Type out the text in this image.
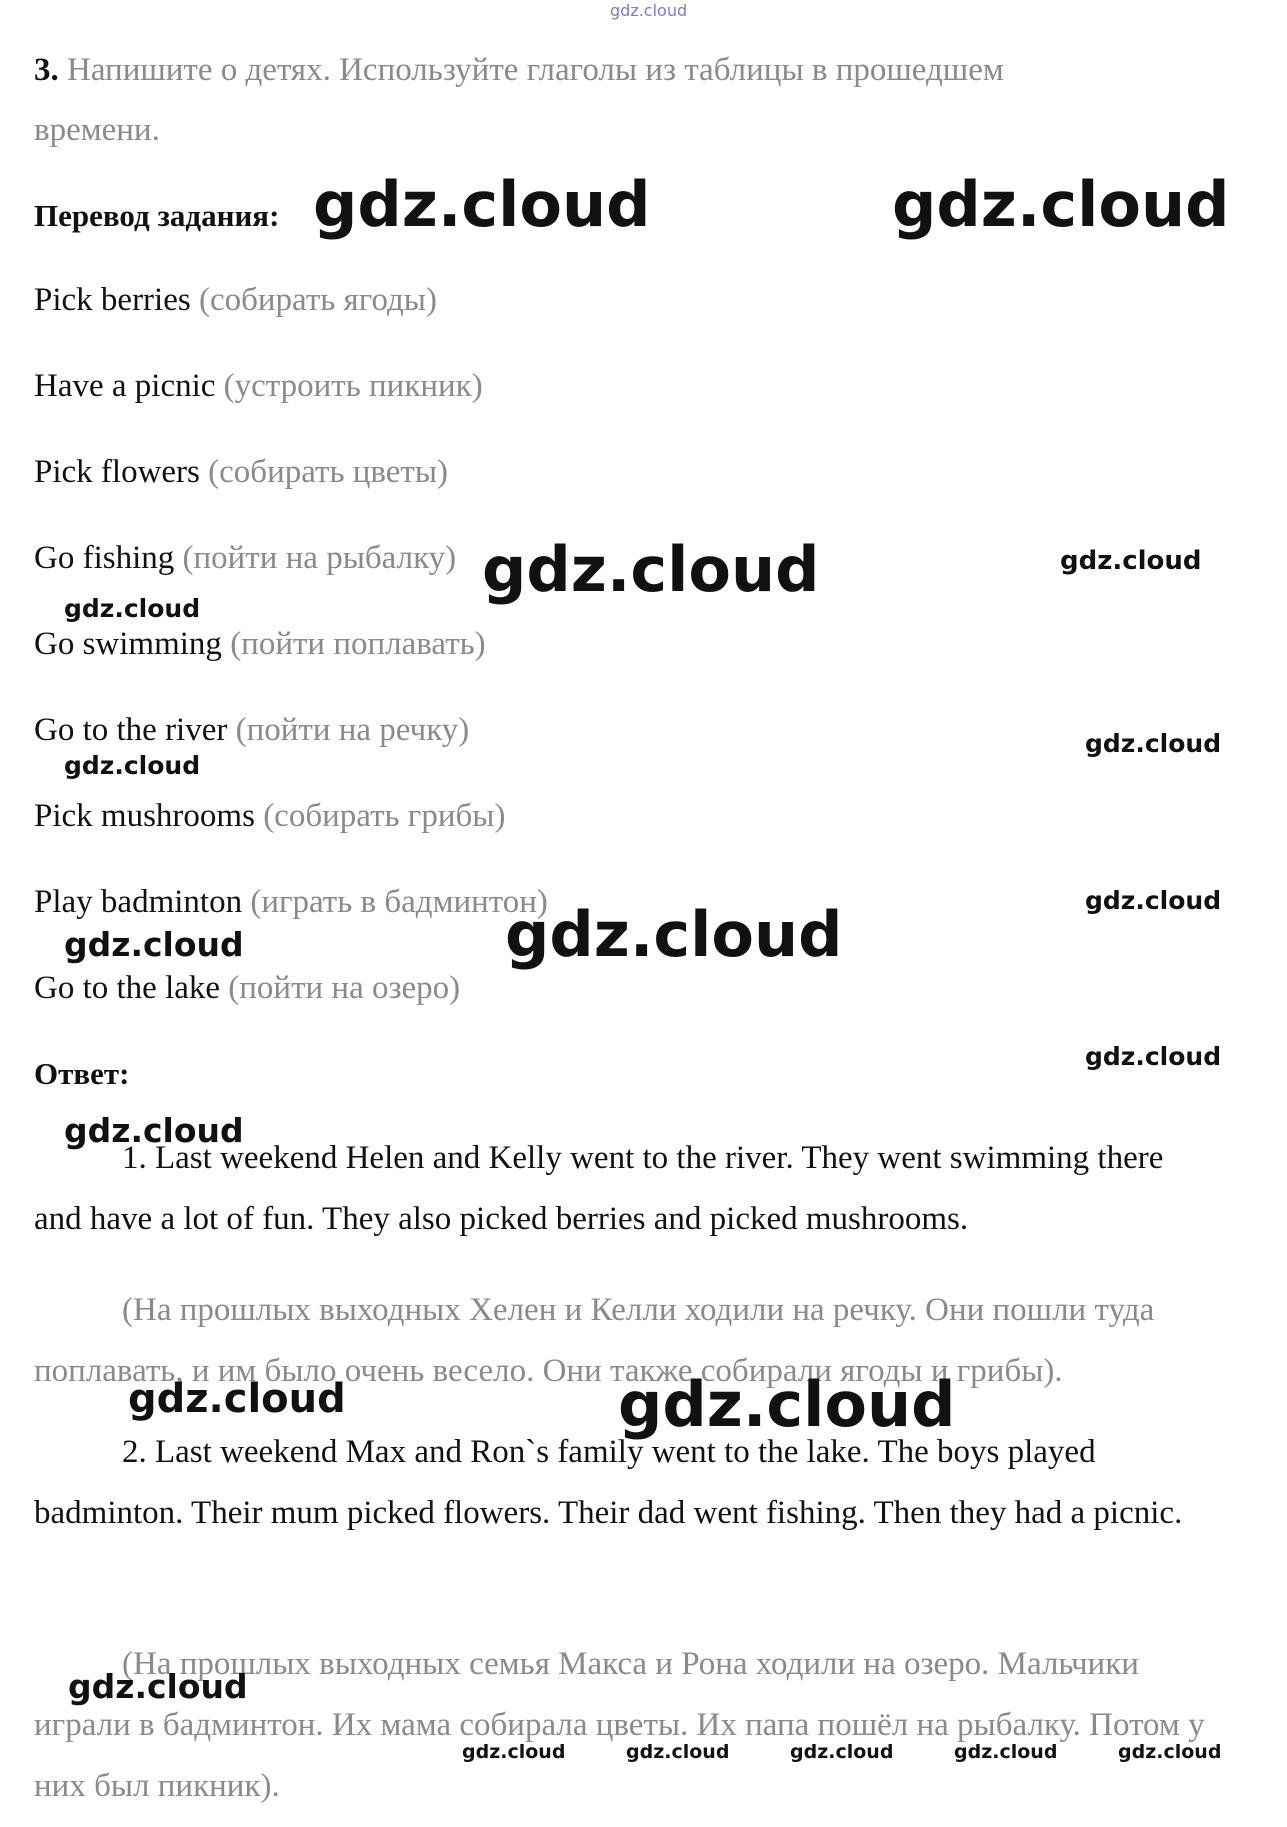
gdz.cloud
3. Напишите о детях. Используйте глаголы из таблицы в прошедшем
времени.
Перевод задания:
Pick berries (собирать ягоды)
Have a picnic (устроить пикник)
Pick flowers (собирать цветы)
Go fishing (пойти на рыбалку)
Go swimming (пойти поплавать)
Go to the river (пойти на речку)
Pick mushrooms (собирать грибы)
Play badminton (играть в бадминтон)
Go to the lake (пойти на озеро)
Ответ:

1. Last weekend Helen and Kelly went to the river. They went swimming there and have a lot of fun. They also picked berries and picked mushrooms.

(На прошлых выходных Хелен и Келли ходили на речку. Они пошли туда поплавать, и им было очень весело. Они также собирали ягоды и грибы).

2. Last weekend Max and Ron`s family went to the lake. The boys played badminton. Their mum picked flowers. Their dad went fishing. Then they had a picnic.

(На прошлых выходных семья Макса и Рона ходили на озеро. Мальчики играли в бадминтон. Их мама собирала цветы. Их папа пошёл на рыбалку. Потом у них был пикник).

gdz.cloud	gdz.cloud
gdz.cloud	gdz.cloud
gdz.cloud
gdz.cloud
gdz.cloud
gdz.cloud
gdz.cloud
gdz.cloud
gdz.cloud
gdz.cloud
gdz.cloud	gdz.cloud
gdz.cloud
gdz.cloud	gdz.cloud	gdz.cloud	gdz.cloud	gdz.cloud
